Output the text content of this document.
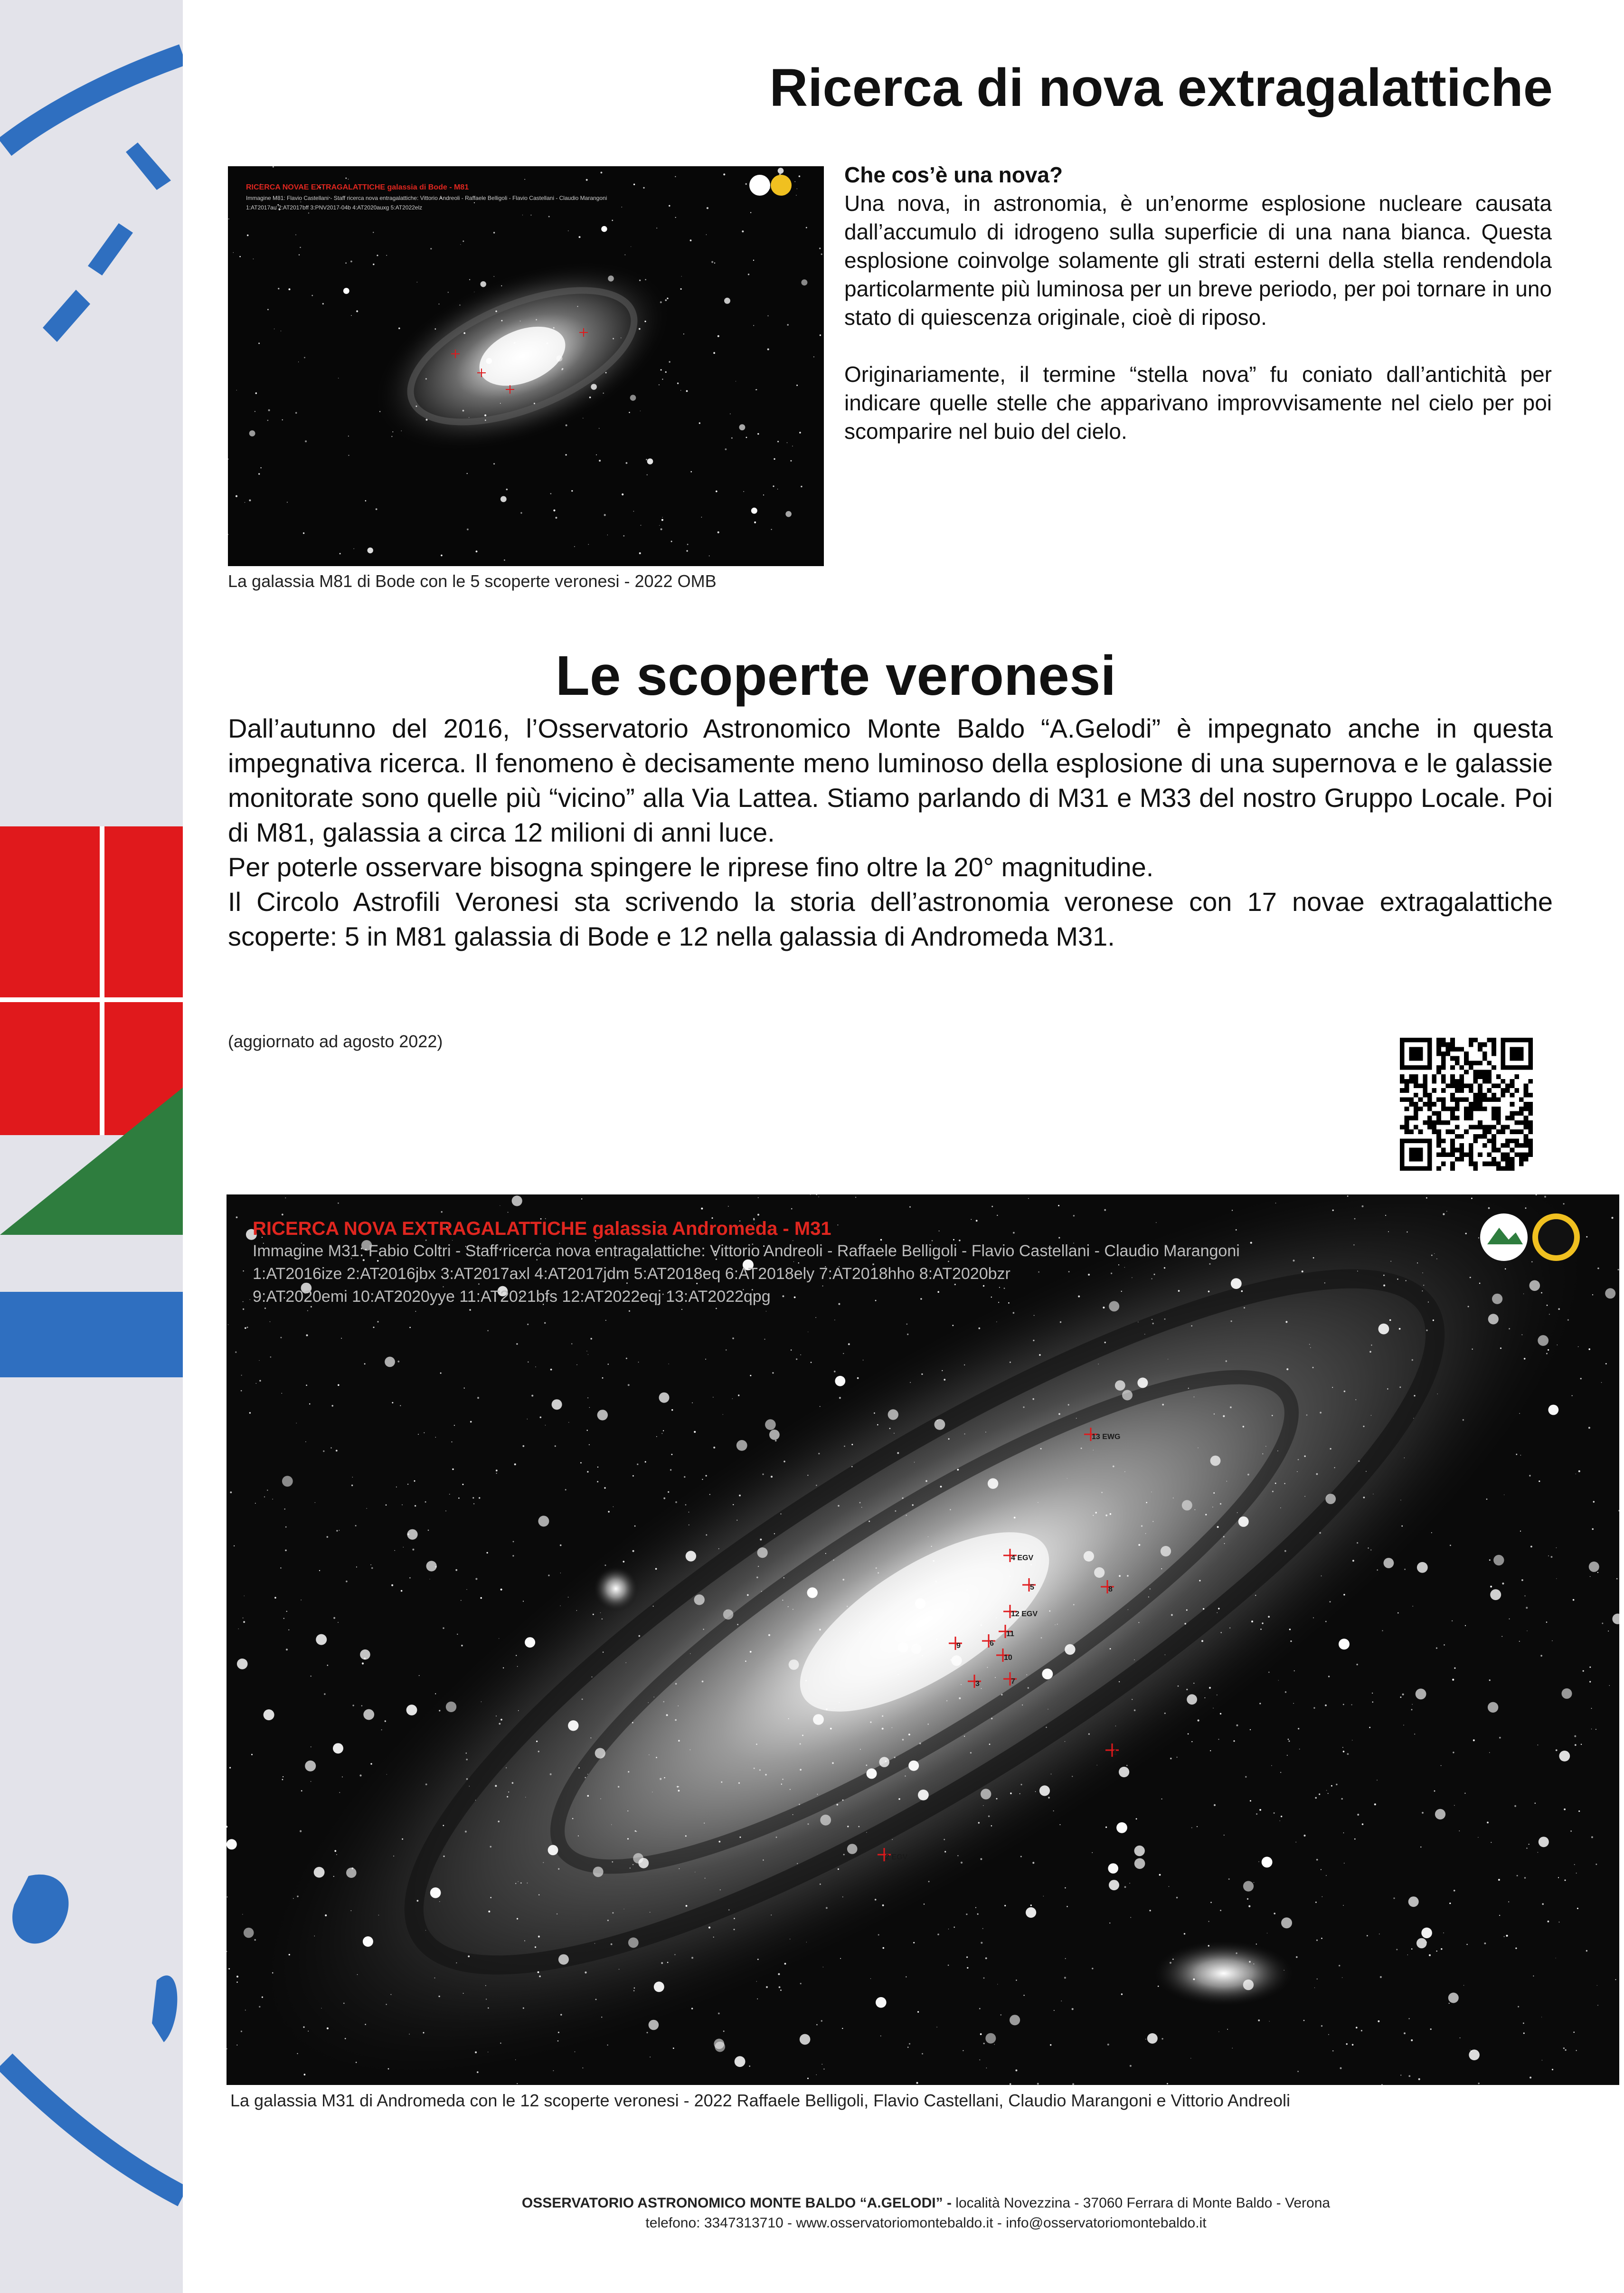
Ricerca di nova extragalattiche
RICERCA NOVAE EXTRAGALATTICHE galassia di Bode - M81
Immagine M81: Flavio Castellani - Staff ricerca nova entragalattiche: Vittorio Andreoli - Raffaele Belligoli - Flavio Castellani - Claudio Marangoni
1:AT2017au 2:AT2017bff 3:PNV2017-04b 4:AT2020auxg 5:AT2022elz
La galassia M81 di Bode con le 5 scoperte veronesi - 2022 OMB

Che cos’è una nova?

Una nova, in astronomia, è un’enorme esplosione nucleare causata dall’accumulo di idrogeno sulla superficie di una nana bianca. Questa esplosione coinvolge solamente gli strati esterni della stella rendendola particolarmente più luminosa per un breve periodo, per poi tornare in uno stato di quiescenza originale, cioè di riposo.

Originariamente, il termine “stella nova” fu coniato dall’antichità per indicare quelle stelle che apparivano improvvisamente nel cielo per poi scomparire nel buio del cielo.

Le scoperte veronesi

Dall’autunno del 2016, l’Osservatorio Astronomico Monte Baldo “A.Gelodi” è impegnato anche in questa impegnativa ricerca. Il fenomeno è decisamente meno luminoso della esplosione di una supernova e le galassie monitorate sono quelle più “vicino” alla Via Lattea. Stiamo parlando di M31 e M33 del nostro Gruppo Locale. Poi di M81, galassia a circa 12 milioni di anni luce.

Per poterle osservare bisogna spingere le riprese fino oltre la 20° magnitudine.

Il Circolo Astrofili Veronesi sta scrivendo la storia dell’astronomia veronese con 17 novae extragalattiche scoperte: 5 in M81 galassia di Bode e 12 nella galassia di Andromeda M31.

(aggiornato ad agosto 2022)
13 EWG
4 EGV
5
12 EGV
11
9	6
10
3	7
1
2 EGV
8
RICERCA NOVA EXTRAGALATTICHE galassia Andromeda - M31
Immagine M31: Fabio Coltri - Staff ricerca nova entragalattiche: Vittorio Andreoli - Raffaele Belligoli - Flavio Castellani - Claudio Marangoni
1:AT2016ize 2:AT2016jbx 3:AT2017axl 4:AT2017jdm 5:AT2018eq 6:AT2018ely 7:AT2018hho 8:AT2020bzr
9:AT2020emi 10:AT2020yye 11:AT2021bfs 12:AT2022eqj 13:AT2022qpg
La galassia M31 di Andromeda con le 12 scoperte veronesi - 2022 Raffaele Belligoli, Flavio Castellani, Claudio Marangoni e Vittorio Andreoli
OSSERVATORIO ASTRONOMICO MONTE BALDO “A.GELODI” - località Novezzina - 37060 Ferrara di Monte Baldo - Verona
telefono: 3347313710 - www.osservatoriomontebaldo.it - info@osservatoriomontebaldo.it
